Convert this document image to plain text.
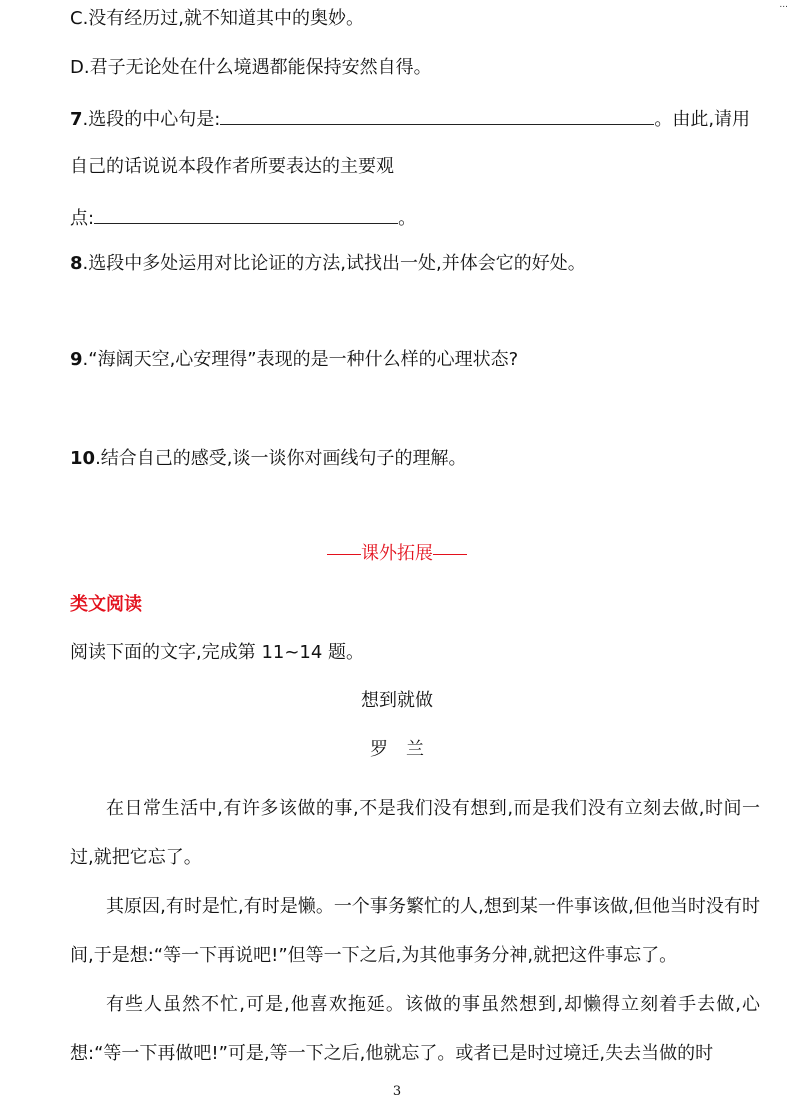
...
C.没有经历过,就不知道其中的奥妙。
D.君子无论处在什么境遇都能保持安然自得。
7.选段的中心句是:	。由此,请用
自己的话说说本段作者所要表达的主要观
点:	。
8.选段中多处运用对比论证的方法,试找出一处,并体会它的好处。
9.“海阔天空,心安理得”表现的是一种什么样的心理状态?
10.结合自己的感受,谈一谈你对画线句子的理解。
课外拓展
类文阅读
阅读下面的文字,完成第 11~14 题。
想到就做
罗　兰
在日常生活中,有许多该做的事,不是我们没有想到,而是我们没有立刻去做,时间一过,就把它忘了。
其原因,有时是忙,有时是懒。一个事务繁忙的人,想到某一件事该做,但他当时没有时间,于是想:“等一下再说吧!”但等一下之后,为其他事务分神,就把这件事忘了。
有些人虽然不忙,可是,他喜欢拖延。该做的事虽然想到,却懒得立刻着手去做,心想:“等一下再做吧!”可是,等一下之后,他就忘了。或者已是时过境迁,失去当做的时
3
